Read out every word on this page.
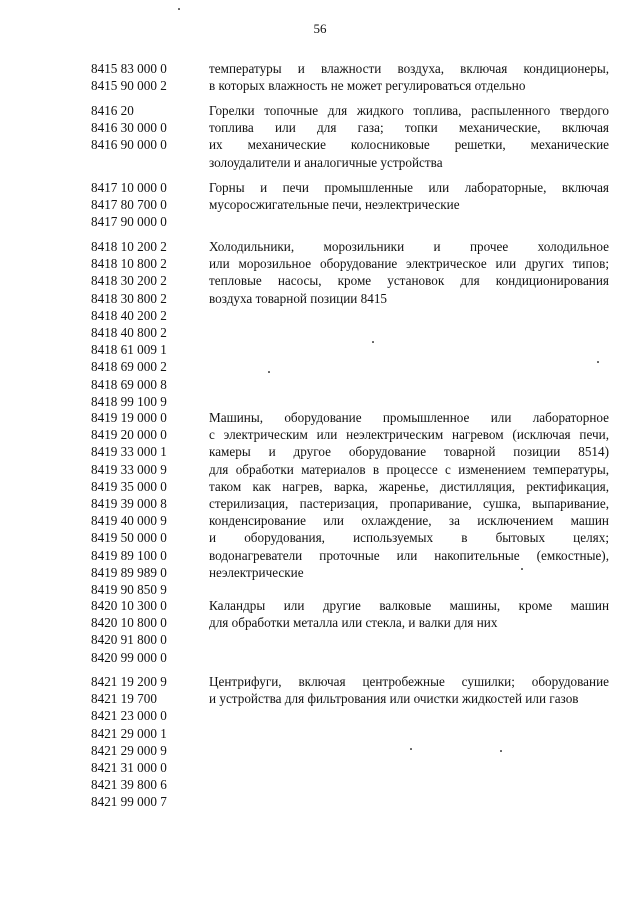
56
8415 83 000 0
8415 90 000 2
температуры и влажности воздуха, включая кондиционеры,
в которых влажность не может регулироваться отдельно
8416 20
8416 30 000 0
8416 90 000 0
Горелки топочные для жидкого топлива, распыленного твердого
топлива или для газа; топки механические, включая
их механические колосниковые решетки, механические
золоудалители и аналогичные устройства
8417 10 000 0
8417 80 700 0
8417 90 000 0
Горны и печи промышленные или лабораторные, включая
мусоросжигательные печи, неэлектрические
8418 10 200 2
8418 10 800 2
8418 30 200 2
8418 30 800 2
8418 40 200 2
8418 40 800 2
8418 61 009 1
8418 69 000 2
8418 69 000 8
8418 99 100 9
Холодильники, морозильники и прочее холодильное
или морозильное оборудование электрическое или других типов;
тепловые насосы, кроме установок для кондиционирования
воздуха товарной позиции 8415
8419 19 000 0
8419 20 000 0
8419 33 000 1
8419 33 000 9
8419 35 000 0
8419 39 000 8
8419 40 000 9
8419 50 000 0
8419 89 100 0
8419 89 989 0
8419 90 850 9
Машины, оборудование промышленное или лабораторное
с электрическим или неэлектрическим нагревом (исключая печи,
камеры и другое оборудование товарной позиции 8514)
для обработки материалов в процессе с изменением температуры,
таком как нагрев, варка, жаренье, дистилляция, ректификация,
стерилизация, пастеризация, пропаривание, сушка, выпаривание,
конденсирование или охлаждение, за исключением машин
и оборудования, используемых в бытовых целях;
водонагреватели проточные или накопительные (емкостные),
неэлектрические
8420 10 300 0
8420 10 800 0
8420 91 800 0
8420 99 000 0
Каландры или другие валковые машины, кроме машин
для обработки металла или стекла, и валки для них
8421 19 200 9
8421 19 700
8421 23 000 0
8421 29 000 1
8421 29 000 9
8421 31 000 0
8421 39 800 6
8421 99 000 7
Центрифуги, включая центробежные сушилки; оборудование
и устройства для фильтрования или очистки жидкостей или газов
